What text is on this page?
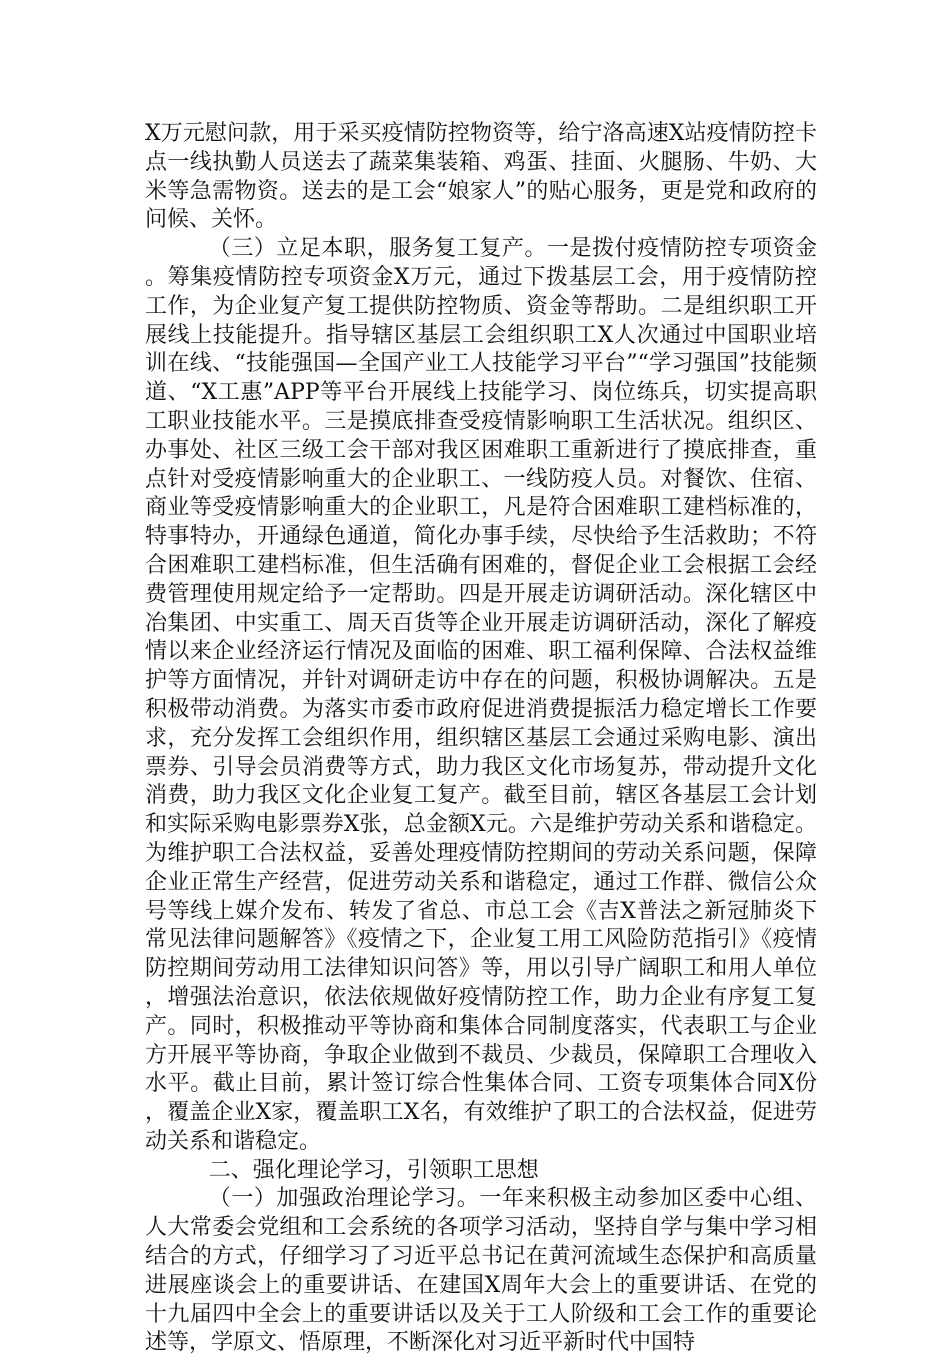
X万元慰问款，用于采买疫情防控物资等，给宁洛高速X站疫情防控卡点一线执勤人员送去了蔬菜集装箱、鸡蛋、挂面、火腿肠、牛奶、大米等急需物资。送去的是工会“娘家人”的贴心服务，更是党和政府的问候、关怀。

（三）立足本职，服务复工复产。一是拨付疫情防控专项资金。筹集疫情防控专项资金X万元，通过下拨基层工会，用于疫情防控工作，为企业复产复工提供防控物质、资金等帮助。二是组织职工开展线上技能提升。指导辖区基层工会组织职工X人次通过中国职业培训在线、“技能强国—全国产业工人技能学习平台”“学习强国”技能频道、“X工惠”APP等平台开展线上技能学习、岗位练兵，切实提高职工职业技能水平。三是摸底排查受疫情影响职工生活状况。组织区、办事处、社区三级工会干部对我区困难职工重新进行了摸底排查，重点针对受疫情影响重大的企业职工、一线防疫人员。对餐饮、住宿、商业等受疫情影响重大的企业职工，凡是符合困难职工建档标准的，特事特办，开通绿色通道，简化办事手续，尽快给予生活救助；不符合困难职工建档标准，但生活确有困难的，督促企业工会根据工会经费管理使用规定给予一定帮助。四是开展走访调研活动。深化辖区中冶集团、中实重工、周天百货等企业开展走访调研活动，深化了解疫情以来企业经济运行情况及面临的困难、职工福利保障、合法权益维护等方面情况，并针对调研走访中存在的问题，积极协调解决。五是积极带动消费。为落实市委市政府促进消费提振活力稳定增长工作要求，充分发挥工会组织作用，组织辖区基层工会通过采购电影、演出票券、引导会员消费等方式，助力我区文化市场复苏，带动提升文化消费，助力我区文化企业复工复产。截至目前，辖区各基层工会计划和实际采购电影票券X张，总金额X元。六是维护劳动关系和谐稳定。为维护职工合法权益，妥善处理疫情防控期间的劳动关系问题，保障企业正常生产经营，促进劳动关系和谐稳定，通过工作群、微信公众号等线上媒介发布、转发了省总、市总工会《吉X普法之新冠肺炎下常见法律问题解答》《疫情之下，企业复工用工风险防范指引》《疫情防控期间劳动用工法律知识问答》等，用以引导广阔职工和用人单位，增强法治意识，依法依规做好疫情防控工作，助力企业有序复工复产。同时，积极推动平等协商和集体合同制度落实，代表职工与企业方开展平等协商，争取企业做到不裁员、少裁员，保障职工合理收入水平。截止目前，累计签订综合性集体合同、工资专项集体合同X份，覆盖企业X家，覆盖职工X名，有效维护了职工的合法权益，促进劳动关系和谐稳定。

二、强化理论学习，引领职工思想

（一）加强政治理论学习。一年来积极主动参加区委中心组、人大常委会党组和工会系统的各项学习活动，坚持自学与集中学习相结合的方式，仔细学习了习近平总书记在黄河流域生态保护和高质量进展座谈会上的重要讲话、在建国X周年大会上的重要讲话、在党的十九届四中全会上的重要讲话以及关于工人阶级和工会工作的重要论述等，学原文、悟原理，不断深化对习近平新时代中国特
